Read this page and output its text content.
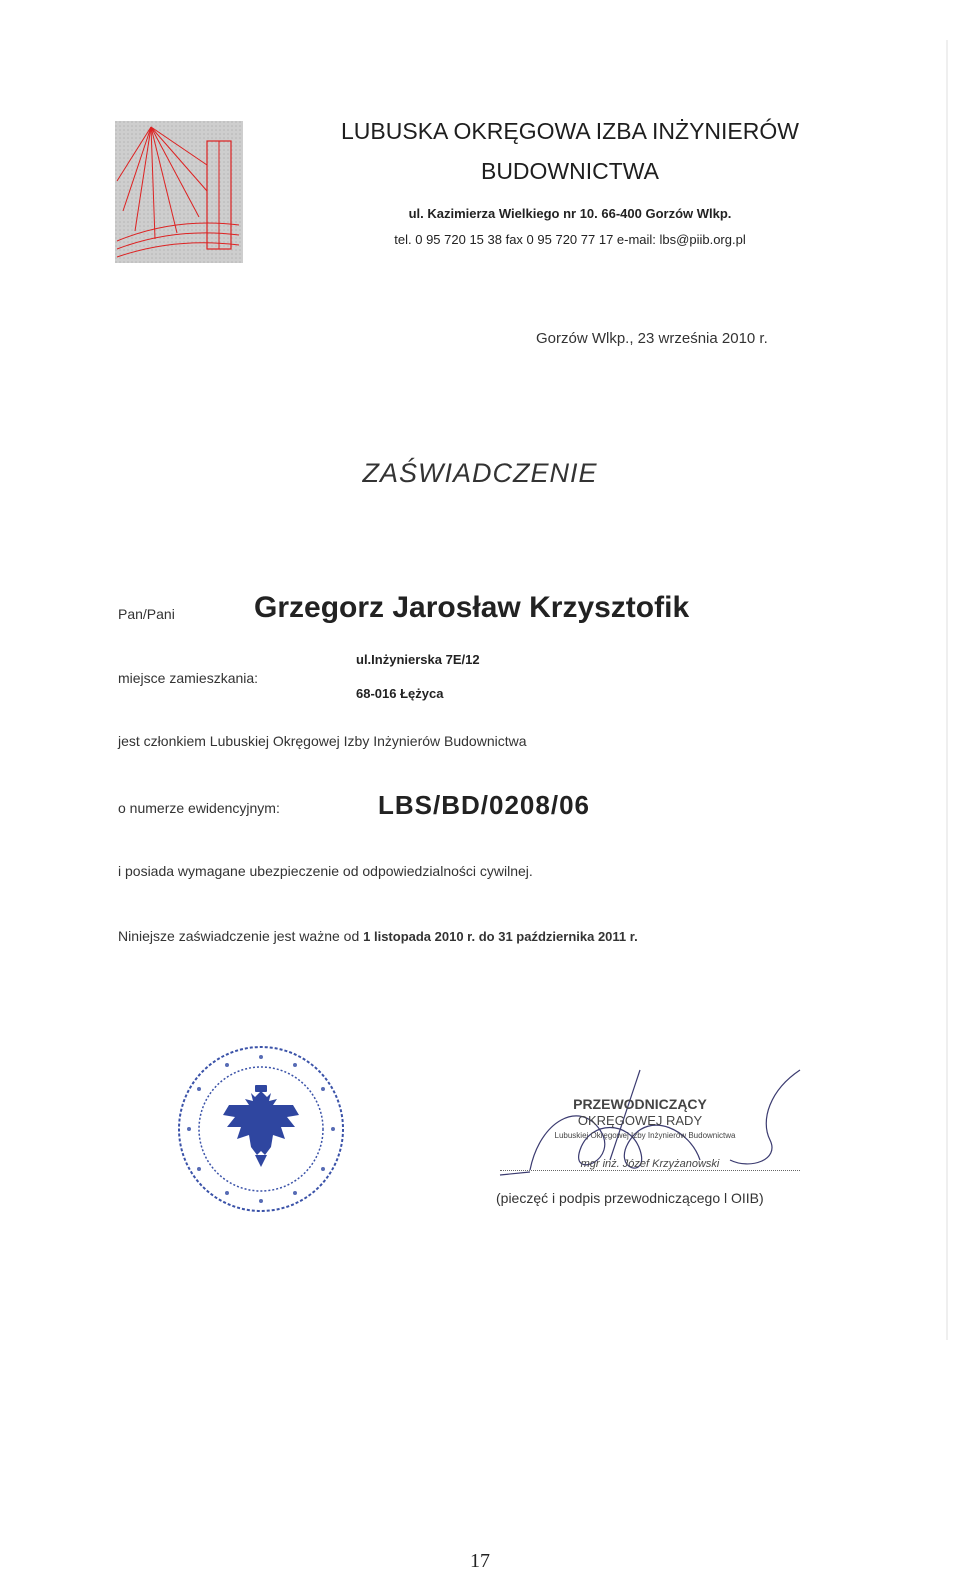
LUBUSKA OKRĘGOWA IZBA INŻYNIERÓW
BUDOWNICTWA
ul. Kazimierza Wielkiego nr 10. 66-400 Gorzów Wlkp.
tel. 0 95 720 15 38 fax 0 95 720 77 17 e-mail: lbs@piib.org.pl
Gorzów Wlkp., 23 września 2010 r.
ZAŚWIADCZENIE
Pan/Pani	Grzegorz Jarosław Krzysztofik
miejsce zamieszkania:
ul.Inżynierska 7E/12
68-016 Łężyca
jest członkiem Lubuskiej Okręgowej Izby Inżynierów Budownictwa
o numerze ewidencyjnym:	LBS/BD/0208/06
i posiada wymagane ubezpieczenie od odpowiedzialności cywilnej.
Niniejsze zaświadczenie jest ważne od 1 listopada 2010 r. do 31 października 2011 r.
PRZEWODNICZĄCY
OKRĘGOWEJ RADY
Lubuskiej Okręgowej Izby Inżynierów Budownictwa
mgr inż. Józef Krzyżanowski
(pieczęć i podpis przewodniczącego l OIIB)
17
